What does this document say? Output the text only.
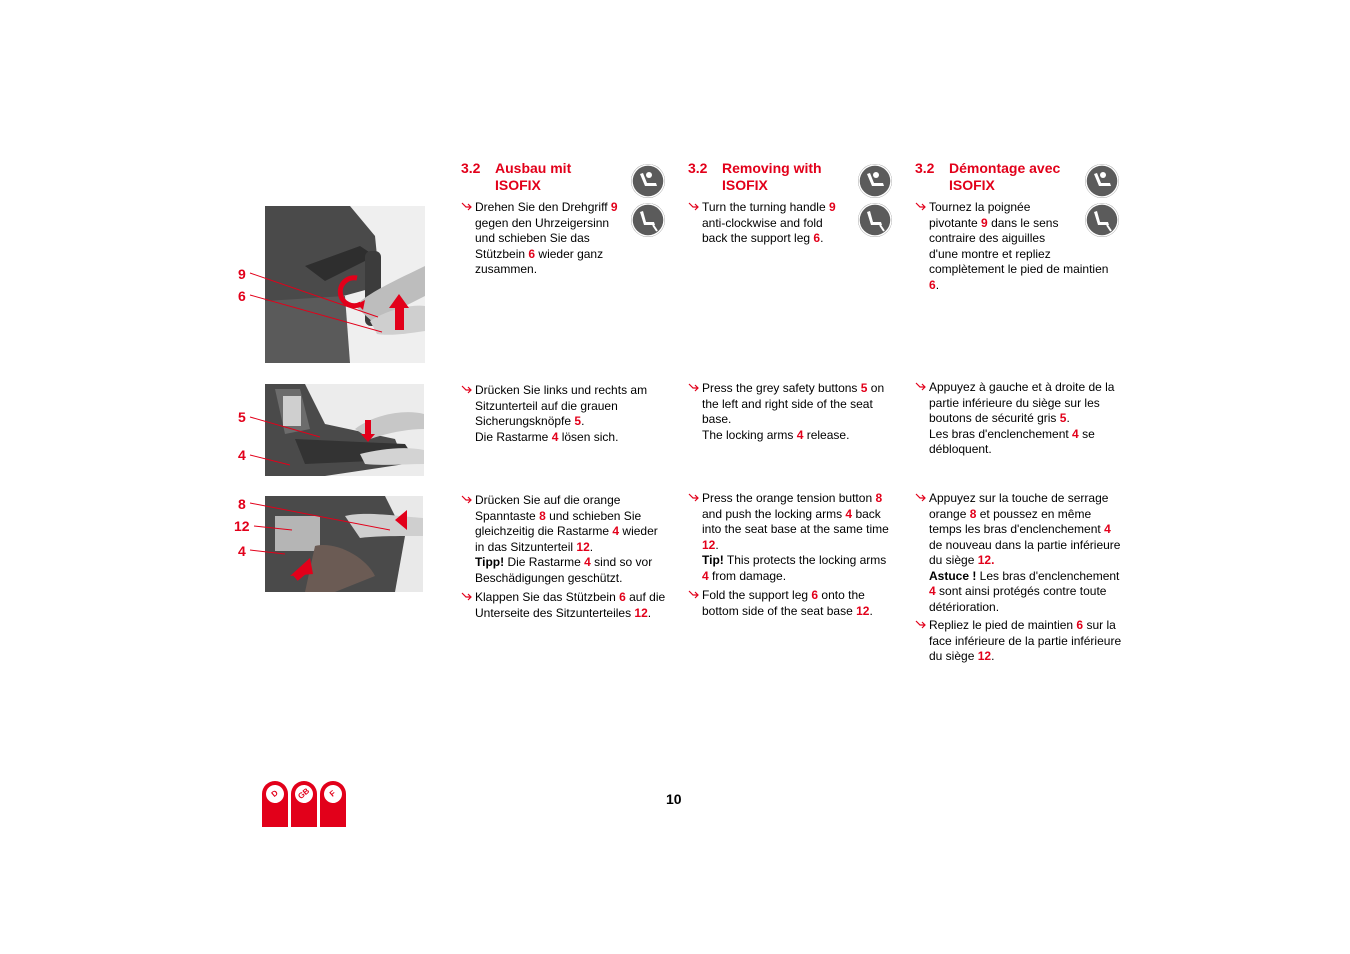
9
6
5
4
8
12
4
3.2 Ausbau mit
ISOFIX
3.2 Removing with
ISOFIX
3.2 Démontage avec
ISOFIX
Drehen Sie den Drehgriff 9
gegen den Uhrzeigersinn
und schieben Sie das
Stützbein 6 wieder ganz
zusammen.
Drücken Sie links und rechts am
Sitzunterteil auf die grauen
Sicherungsknöpfe 5.
Die Rastarme 4 lösen sich.
Drücken Sie auf die orange
Spanntaste 8 und schieben Sie
gleichzeitig die Rastarme 4 wieder
in das Sitzunterteil 12.
Tipp! Die Rastarme 4 sind so vor
Beschädigungen geschützt.
Klappen Sie das Stützbein 6 auf die
Unterseite des Sitzunterteiles 12.
Turn the turning handle 9
anti-clockwise and fold
back the support leg 6.
Press the grey safety buttons 5 on
the left and right side of the seat
base.
The locking arms 4 release.
Press the orange tension button 8
and push the locking arms 4 back
into the seat base at the same time
12.
Tip! This protects the locking arms
4 from damage.
Fold the support leg 6 onto the
bottom side of the seat base 12.
Tournez la poignée
pivotante 9 dans le sens
contraire des aiguilles
d'une montre et repliez
complètement le pied de maintien
6.
Appuyez à gauche et à droite de la
partie inférieure du siège sur les
boutons de sécurité gris 5.
Les bras d'enclenchement 4 se
débloquent.
Appuyez sur la touche de serrage
orange 8 et poussez en même
temps les bras d'enclenchement 4
de nouveau dans la partie inférieure
du siège 12.
Astuce ! Les bras d'enclenchement
4 sont ainsi protégés contre toute
détérioration.
Repliez le pied de maintien 6 sur la
face inférieure de la partie inférieure
du siège 12.
D	GB	F	10
